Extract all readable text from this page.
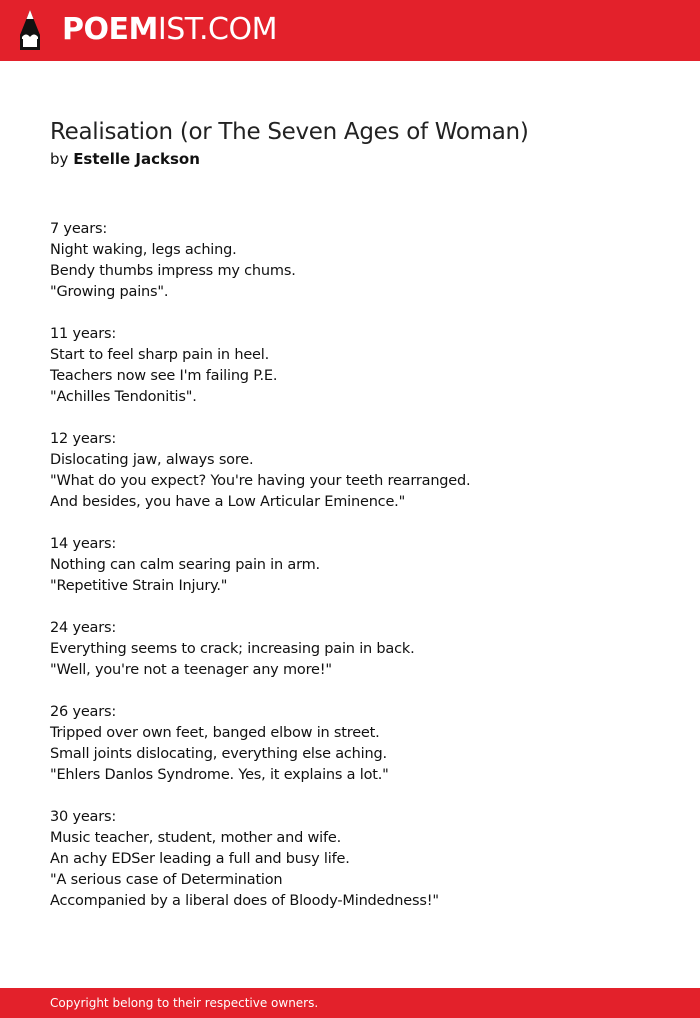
POEMIST.COM
Realisation (or The Seven Ages of Woman)
by Estelle Jackson
7 years:
Night waking, legs aching.
Bendy thumbs impress my chums.
"Growing pains".
11 years:
Start to feel sharp pain in heel.
Teachers now see I'm failing P.E.
"Achilles Tendonitis".
12 years:
Dislocating jaw, always sore.
"What do you expect? You're having your teeth rearranged.
And besides, you have a Low Articular Eminence."
14 years:
Nothing can calm searing pain in arm.
"Repetitive Strain Injury."
24 years:
Everything seems to crack; increasing pain in back.
"Well, you're not a teenager any more!"
26 years:
Tripped over own feet, banged elbow in street.
Small joints dislocating, everything else aching.
"Ehlers Danlos Syndrome. Yes, it explains a lot."
30 years:
Music teacher, student, mother and wife.
An achy EDSer leading a full and busy life.
"A serious case of Determination
Accompanied by a liberal does of Bloody-Mindedness!"
Copyright belong to their respective owners.
